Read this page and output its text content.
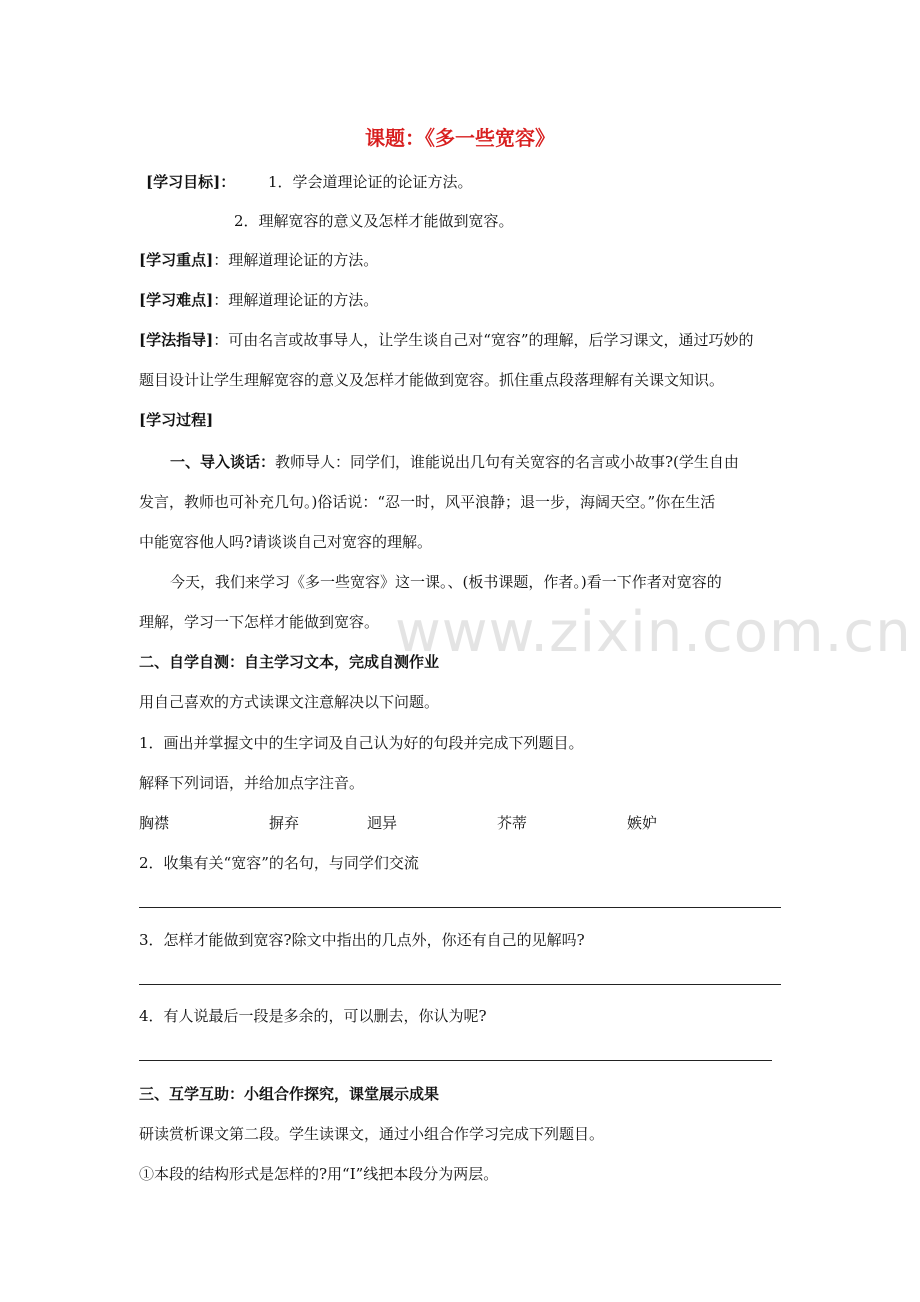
课题：《多一些宽容》
[学习目标]： 1．学会道理论证的论证方法。
2．理解宽容的意义及怎样才能做到宽容。
[学习重点]：理解道理论证的方法。
[学习难点]：理解道理论证的方法。
[学法指导]：可由名言或故事导人，让学生谈自己对“宽容”的理解，后学习课文，通过巧妙的
题目设计让学生理解宽容的意义及怎样才能做到宽容。抓住重点段落理解有关课文知识。
[学习过程]
一、导入谈话：教师导人：同学们，谁能说出几句有关宽容的名言或小故事?(学生自由
发言，教师也可补充几句。)俗话说：“忍一时，风平浪静；退一步，海阔天空。”你在生活
中能宽容他人吗?请谈谈自己对宽容的理解。
今天，我们来学习《多一些宽容》这一课。、(板书课题，作者。)看一下作者对宽容的
理解，学习一下怎样才能做到宽容。
二、自学自测：自主学习文本，完成自测作业
用自己喜欢的方式读课文注意解决以下问题。
1．画出并掌握文中的生字词及自己认为好的句段并完成下列题目。
解释下列词语，并给加点字注音。
胸襟	摒弃	迥异	芥蒂	嫉妒
2．收集有关“宽容”的名句，与同学们交流
3．怎样才能做到宽容?除文中指出的几点外，你还有自己的见解吗?
4．有人说最后一段是多余的，可以删去，你认为呢?
三、互学互助：小组合作探究，课堂展示成果
研读赏析课文第二段。学生读课文，通过小组合作学习完成下列题目。
①本段的结构形式是怎样的?用“I”线把本段分为两层。
www.zixin.com.cn
